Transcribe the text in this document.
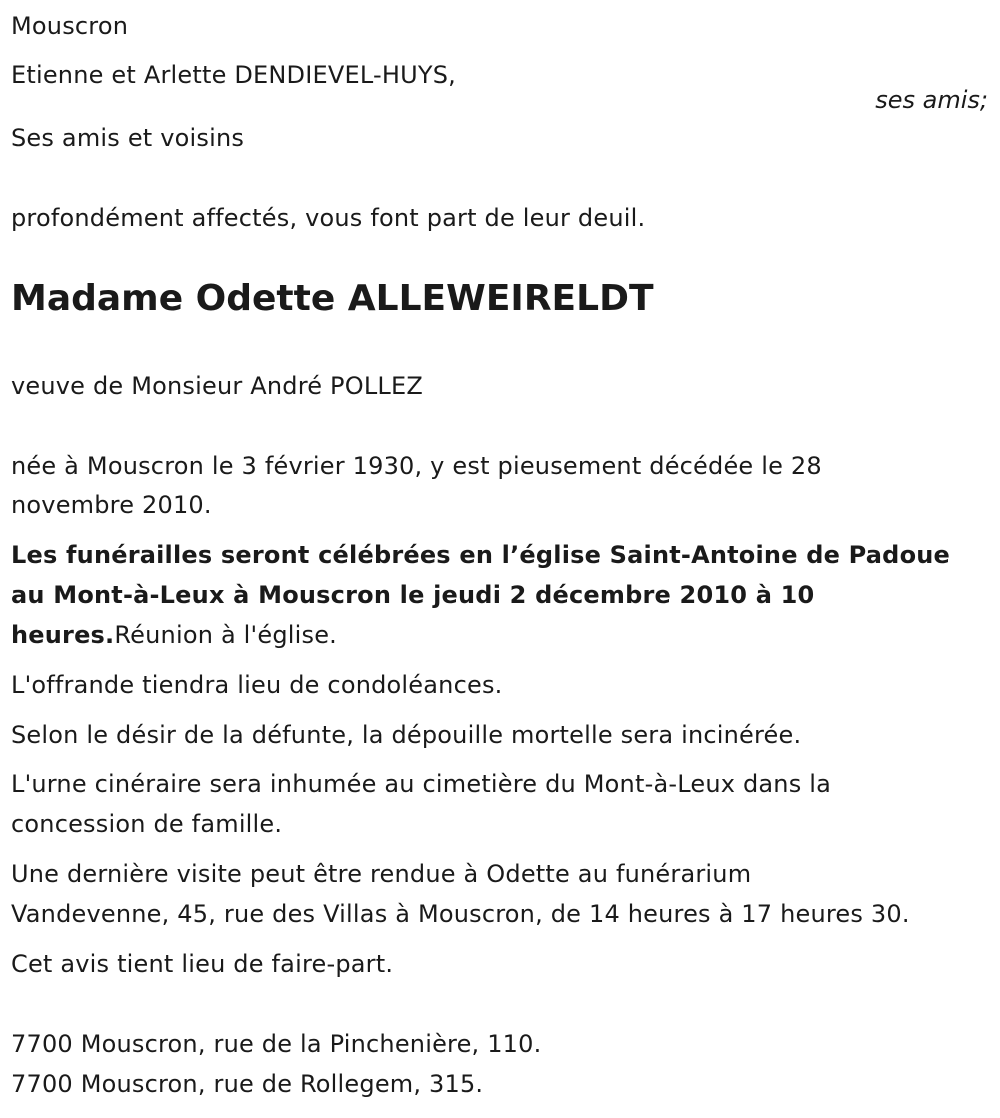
Mouscron
Etienne et Arlette DENDIEVEL-HUYS,
ses amis;
Ses amis et voisins
profondément affectés, vous font part de leur deuil.
Madame Odette ALLEWEIRELDT
veuve de Monsieur André POLLEZ
née à Mouscron le 3 février 1930, y est pieusement décédée le 28
novembre 2010.
Les funérailles seront célébrées en l’église Saint-Antoine de Padoue
au Mont-à-Leux à Mouscron le jeudi 2 décembre 2010 à 10
heures.Réunion à l'église.
L'offrande tiendra lieu de condoléances.
Selon le désir de la défunte, la dépouille mortelle sera incinérée.
L'urne cinéraire sera inhumée au cimetière du Mont-à-Leux dans la
concession de famille.
Une dernière visite peut être rendue à Odette au funérarium
Vandevenne, 45, rue des Villas à Mouscron, de 14 heures à 17 heures 30.
Cet avis tient lieu de faire-part.
7700 Mouscron, rue de la Pinchenière, 110.
7700 Mouscron, rue de Rollegem, 315.
